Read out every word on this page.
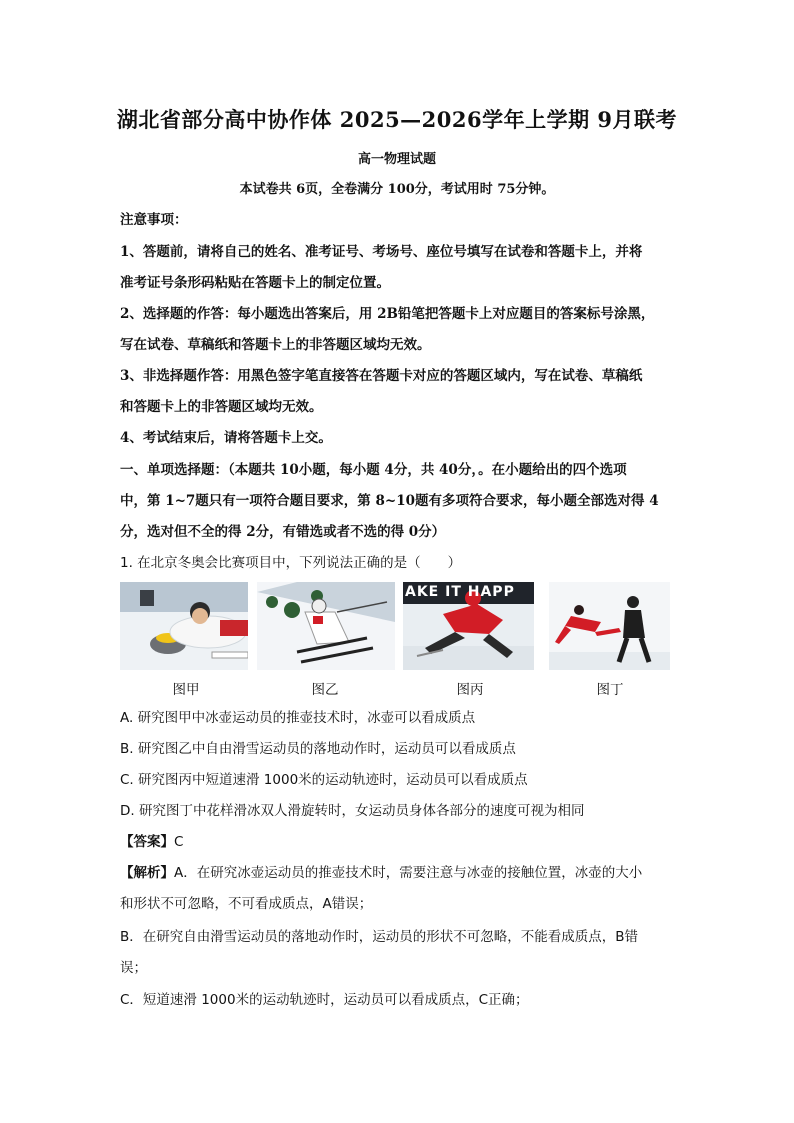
湖北省部分高中协作体 2025—2026学年上学期 9月联考
高一物理试题
本试卷共 6页，全卷满分 100分，考试用时 75分钟。
注意事项：
1、答题前，请将自己的姓名、准考证号、考场号、座位号填写在试卷和答题卡上，并将
准考证号条形码粘贴在答题卡上的制定位置。
2、选择题的作答：每小题选出答案后，用 2B铅笔把答题卡上对应题目的答案标号涂黑，
写在试卷、草稿纸和答题卡上的非答题区域均无效。
3、非选择题作答：用黑色签字笔直接答在答题卡对应的答题区域内，写在试卷、草稿纸
和答题卡上的非答题区域均无效。
4、考试结束后，请将答题卡上交。
一、单项选择题：（本题共 10小题，每小题 4分，共 40分，。在小题给出的四个选项
中，第 1~7题只有一项符合题目要求，第 8~10题有多项符合要求，每小题全部选对得 4
分，选对但不全的得 2分，有错选或者不选的得 0分）
1. 在北京冬奥会比赛项目中，下列说法正确的是（　　）
AKE IT HAPP
图甲	图乙	图丙	图丁
A. 研究图甲中冰壶运动员的推壶技术时，冰壶可以看成质点
B. 研究图乙中自由滑雪运动员的落地动作时，运动员可以看成质点
C. 研究图丙中短道速滑 1000米的运动轨迹时，运动员可以看成质点
D. 研究图丁中花样滑冰双人滑旋转时，女运动员身体各部分的速度可视为相同
【答案】C
【解析】A．在研究冰壶运动员的推壶技术时，需要注意与冰壶的接触位置，冰壶的大小
和形状不可忽略，不可看成质点，A错误；
B．在研究自由滑雪运动员的落地动作时，运动员的形状不可忽略，不能看成质点，B错
误；
C．短道速滑 1000米的运动轨迹时，运动员可以看成质点，C正确；
